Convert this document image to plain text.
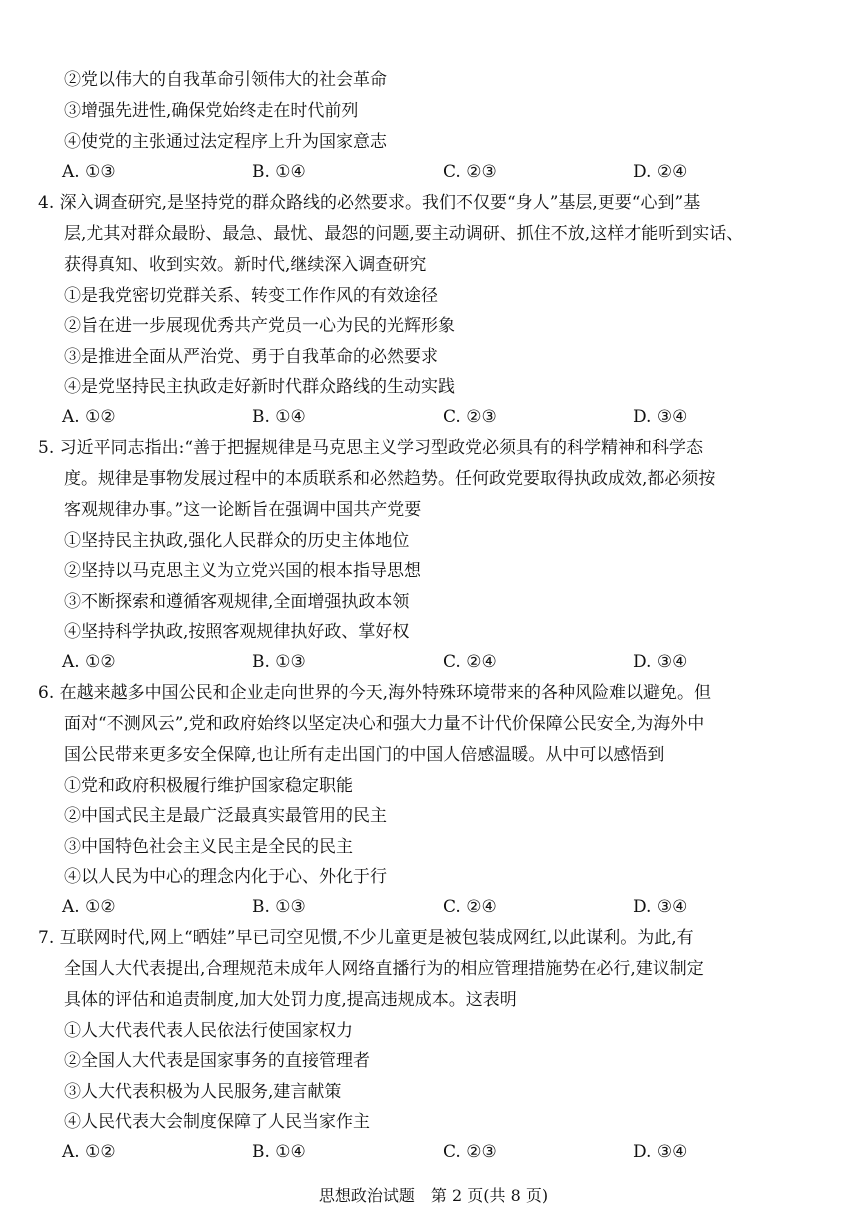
②党以伟大的自我革命引领伟大的社会革命
③增强先进性,确保党始终走在时代前列
④使党的主张通过法定程序上升为国家意志
A. ①③	B. ①④	C. ②③	D. ②④
4. 深入调查研究,是坚持党的群众路线的必然要求。我们不仅要“身人”基层,更要“心到”基
层,尤其对群众最盼、最急、最忧、最怨的问题,要主动调研、抓住不放,这样才能听到实话、
获得真知、收到实效。新时代,继续深入调查研究
①是我党密切党群关系、转变工作作风的有效途径
②旨在进一步展现优秀共产党员一心为民的光辉形象
③是推进全面从严治党、勇于自我革命的必然要求
④是党坚持民主执政走好新时代群众路线的生动实践
A. ①②	B. ①④	C. ②③	D. ③④
5. 习近平同志指出:“善于把握规律是马克思主义学习型政党必须具有的科学精神和科学态
度。规律是事物发展过程中的本质联系和必然趋势。任何政党要取得执政成效,都必须按
客观规律办事。”这一论断旨在强调中国共产党要
①坚持民主执政,强化人民群众的历史主体地位
②坚持以马克思主义为立党兴国的根本指导思想
③不断探索和遵循客观规律,全面增强执政本领
④坚持科学执政,按照客观规律执好政、掌好权
A. ①②	B. ①③	C. ②④	D. ③④
6. 在越来越多中国公民和企业走向世界的今天,海外特殊环境带来的各种风险难以避免。但
面对“不测风云”,党和政府始终以坚定决心和强大力量不计代价保障公民安全,为海外中
国公民带来更多安全保障,也让所有走出国门的中国人倍感温暖。从中可以感悟到
①党和政府积极履行维护国家稳定职能
②中国式民主是最广泛最真实最管用的民主
③中国特色社会主义民主是全民的民主
④以人民为中心的理念内化于心、外化于行
A. ①②	B. ①③	C. ②④	D. ③④
7. 互联网时代,网上“晒娃”早已司空见惯,不少儿童更是被包装成网红,以此谋利。为此,有
全国人大代表提出,合理规范未成年人网络直播行为的相应管理措施势在必行,建议制定
具体的评估和追责制度,加大处罚力度,提高违规成本。这表明
①人大代表代表人民依法行使国家权力
②全国人大代表是国家事务的直接管理者
③人大代表积极为人民服务,建言献策
④人民代表大会制度保障了人民当家作主
A. ①②	B. ①④	C. ②③	D. ③④
思想政治试题　第 2 页(共 8 页)
